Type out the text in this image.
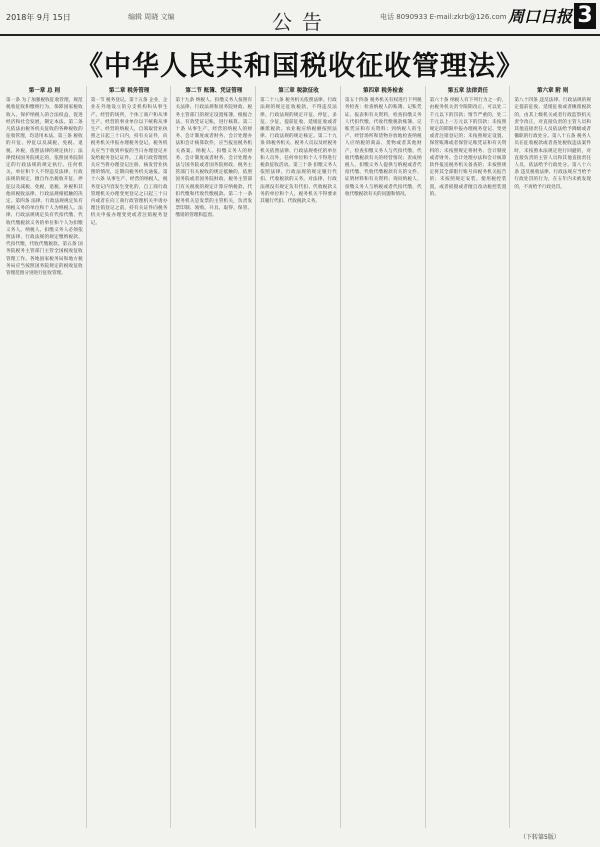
2018年 9月 15日	编辑 周晓 文编	公告	电话 8090933 E-mail:zkrb@126.com 周口日报 3
《中华人民共和国税收征收管理法》
第一章 总 则
第一条 为了加强税收征收管理，规范税收征收和缴纳行为，保障国家税收收入，保护纳税人的合法权益，促进经济和社会发展，制定本法。第二条 凡依法由税务机关征收的各种税收的征收管理，均适用本法。第三条 税收的开征、停征以及减税、免税、退税、补税，依照法律的规定执行；法律授权国务院规定的，依照国务院制定的行政法规的规定执行。任何机关、单位和个人不得违反法律、行政法规的规定，擅自作出税收开征、停征以及减税、免税、退税、补税和其他同税收法律、行政法规相抵触的决定。第四条 法律、行政法规规定负有纳税义务的单位和个人为纳税人。法律、行政法规规定负有代扣代缴、代收代缴税款义务的单位和个人为扣缴义务人。纳税人、扣缴义务人必须依照法律、行政法规的规定缴纳税款、代扣代缴、代收代缴税款。第五条 国务院税务主管部门主管全国税收征收管理工作。各地国家税务局和地方税务局应当按照国务院规定的税收征收管理范围分别进行征收管理。
第二章 税务管理
第一节 税务登记。第十五条 企业，企业在外地设立的分支机构和从事生产、经营的场所，个体工商户和从事生产、经营的事业单位以下统称从事生产、经营的纳税人，自领取营业执照之日起三十日内，持有关证件，向税务机关申报办理税务登记。税务机关应当于收到申报的当日办理登记并发给税务登记证件。工商行政管理机关应当将办理登记注册、核发营业执照的情况，定期向税务机关通报。第十六条 从事生产、经营的纳税人，税务登记内容发生变化的，自工商行政管理机关办理变更登记之日起三十日内或者在向工商行政管理机关申请办理注销登记之前，持有关证件向税务机关申报办理变更或者注销税务登记。
第二节 账簿、凭证管理
第十九条 纳税人、扣缴义务人按照有关法律、行政法规和国务院财政、税务主管部门的规定设置账簿，根据合法、有效凭证记账，进行核算。第二十条 从事生产、经营的纳税人的财务、会计制度或者财务、会计处理办法和会计核算软件，应当报送税务机关备案。纳税人、扣缴义务人的财务、会计制度或者财务、会计处理办法与国务院或者国务院财政、税务主管部门有关税收的规定抵触的，依照国务院或者国务院财政、税务主管部门有关税收的规定计算应纳税款、代扣代缴和代收代缴税款。第二十一条 税务机关是发票的主管机关，负责发票印制、领购、开具、取得、保管、缴销的管理和监督。
第三章 税款征收
第二十八条 税务机关依照法律、行政法规的规定征收税款，不得违反法律、行政法规的规定开征、停征、多征、少征、提前征收、延缓征收或者摊派税款。农业税应纳税额按照法律、行政法规的规定核定。第二十九条 除税务机关、税务人员以及经税务机关依照法律、行政法规委托的单位和人员外，任何单位和个人不得进行税款征收活动。第三十条 扣缴义务人依照法律、行政法规的规定履行代扣、代收税款的义务。对法律、行政法规没有规定负有代扣、代收税款义务的单位和个人，税务机关不得要求其履行代扣、代收税款义务。
第四章 税务检查
第五十四条 税务机关有权进行下列税务检查：检查纳税人的账簿、记账凭证、报表和有关资料，检查扣缴义务人代扣代缴、代收代缴税款账簿、记账凭证和有关资料；到纳税人的生产、经营场所和货物存放地检查纳税人应纳税的商品、货物或者其他财产，检查扣缴义务人与代扣代缴、代收代缴税款有关的经营情况；责成纳税人、扣缴义务人提供与纳税或者代扣代缴、代收代缴税款有关的文件、证明材料和有关资料；询问纳税人、扣缴义务人与纳税或者代扣代缴、代收代缴税款有关的问题和情况。
第五章 法律责任
第六十条 纳税人有下列行为之一的，由税务机关责令限期改正，可以处二千元以下的罚款；情节严重的，处二千元以上一万元以下的罚款：未按照规定的期限申报办理税务登记、变更或者注销登记的；未按照规定设置、保管账簿或者保管记账凭证和有关资料的；未按照规定将财务、会计制度或者财务、会计处理办法和会计核算软件报送税务机关备查的；未按照规定将其全部银行账号向税务机关报告的；未按照规定安装、使用税控装置，或者损毁或者擅自改动税控装置的。
第六章 附 则
第八十四条 违反法律、行政法规的规定提前征收、延缓征收或者摊派税款的，由其上级机关或者行政监察机关责令改正，对直接负责的主管人员和其他直接责任人员依法给予降级或者撤职的行政处分。第八十五条 税务人员在征收税款或者查处税收违法案件时，未按照本法规定进行回避的，对直接负责的主管人员和其他直接责任人员，依法给予行政处分。第八十六条 违反税收法律、行政法规应当给予行政处罚的行为，在五年内未被发现的，不再给予行政处罚。
（下转第5版）
